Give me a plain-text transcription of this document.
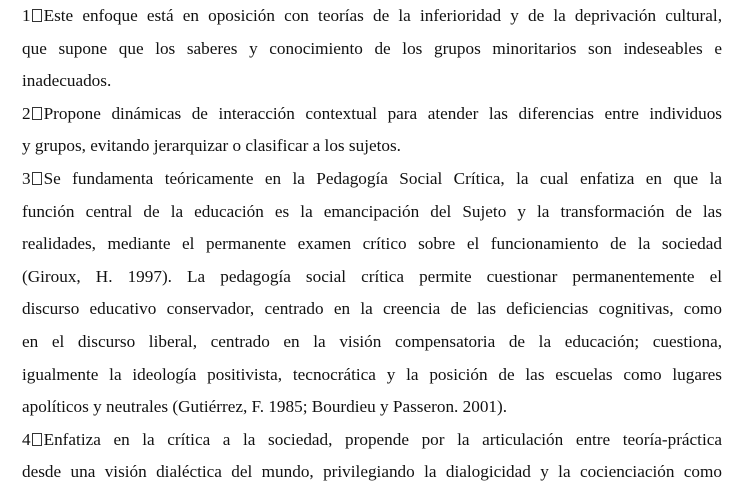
1 Este enfoque está en oposición con teorías de la inferioridad y de la deprivación cultural,
que supone que los saberes y conocimiento de los grupos minoritarios son indeseables e
inadecuados.
2 Propone dinámicas de interacción contextual para atender las diferencias entre individuos
y grupos, evitando jerarquizar o clasificar a los sujetos.
3 Se fundamenta teóricamente en la Pedagogía Social Crítica, la cual enfatiza en que la
función central de la educación es la emancipación del Sujeto y la transformación de las
realidades, mediante el permanente examen crítico sobre el funcionamiento de la sociedad
(Giroux, H. 1997). La pedagogía social crítica permite cuestionar permanentemente el
discurso educativo conservador, centrado en la creencia de las deficiencias cognitivas, como
en el discurso liberal, centrado en la visión compensatoria de la educación; cuestiona,
igualmente la ideología positivista, tecnocrática y la posición de las escuelas como lugares
apolíticos y neutrales (Gutiérrez, F. 1985; Bourdieu y Passeron. 2001).
4 Enfatiza en la crítica a la sociedad, propende por la articulación entre teoría-práctica
desde una visión dialéctica del mundo, privilegiando la dialogicidad y la cocienciación como
